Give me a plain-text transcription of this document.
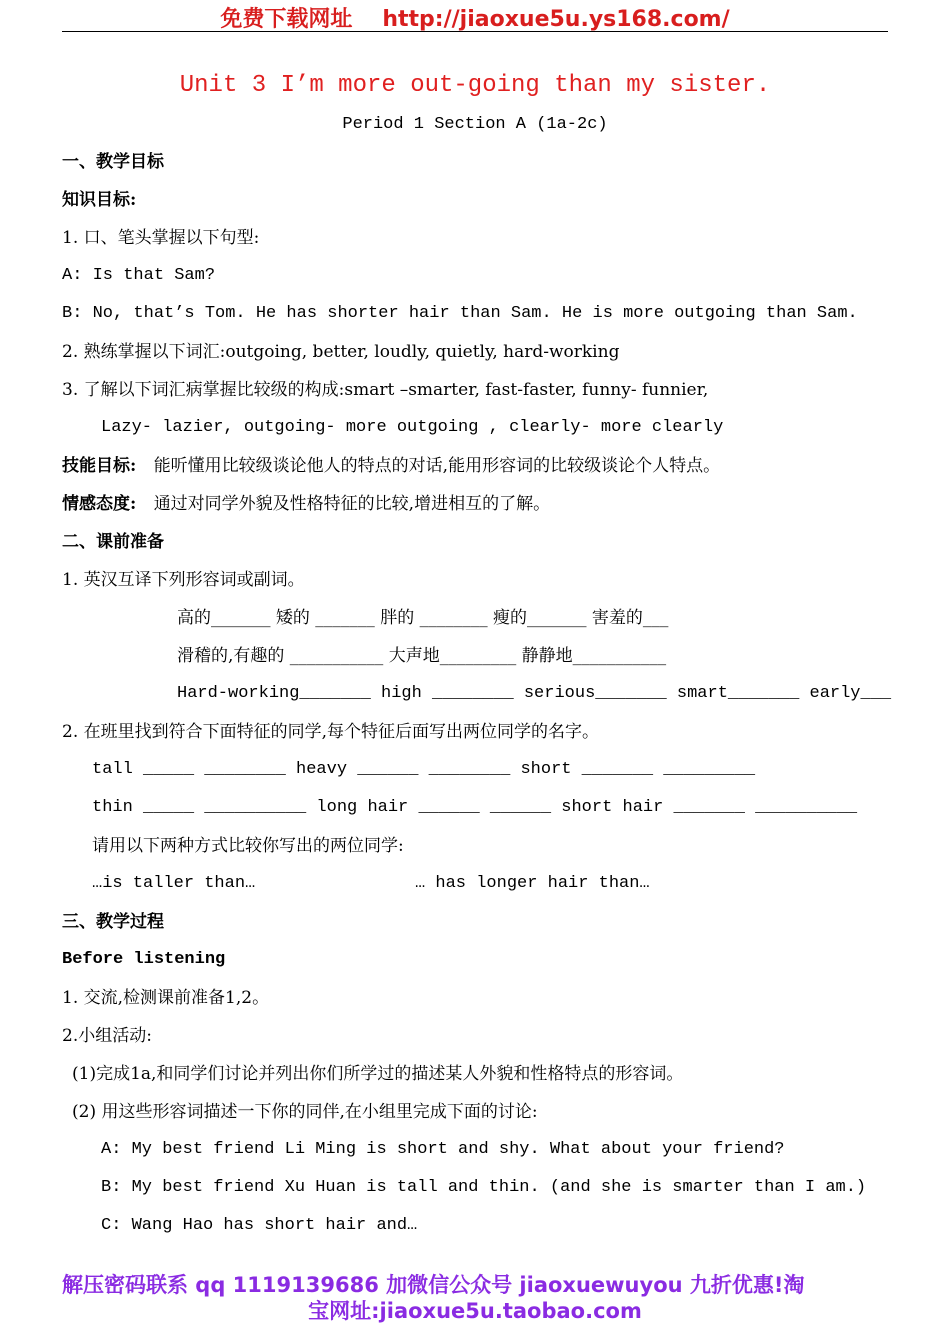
免费下载网址 http://jiaoxue5u.ys168.com/
Unit 3 I’m more out-going than my sister.
Period 1 Section A (1a-2c)
一、教学目标
知识目标:
1. 口、笔头掌握以下句型:
A: Is that Sam?
B: No, that’s Tom. He has shorter hair than Sam. He is more outgoing than Sam.
2. 熟练掌握以下词汇:outgoing, better, loudly, quietly, hard-working
3. 了解以下词汇病掌握比较级的构成:smart –smarter, fast-faster, funny- funnier,
Lazy- lazier, outgoing- more outgoing , clearly- more clearly
技能目标: 能听懂用比较级谈论他人的特点的对话,能用形容词的比较级谈论个人特点。
情感态度: 通过对同学外貌及性格特征的比较,增进相互的了解。
二、课前准备
1. 英汉互译下列形容词或副词。
高的_______ 矮的 _______ 胖的 ________ 瘦的_______ 害羞的___
滑稽的,有趣的 ___________ 大声地_________ 静静地___________
Hard-working_______ high ________ serious_______ smart_______ early___
2. 在班里找到符合下面特征的同学,每个特征后面写出两位同学的名字。
tall _____ ________ heavy ______ ________ short _______ _________
thin _____ __________ long hair ______ ______ short hair _______ __________
请用以下两种方式比较你写出的两位同学:
…is taller than…	… has longer hair than…
三、教学过程
Before listening
1. 交流,检测课前准备1,2。
2.小组活动:
(1)完成1a,和同学们讨论并列出你们所学过的描述某人外貌和性格特点的形容词。
(2) 用这些形容词描述一下你的同伴,在小组里完成下面的讨论:
A: My best friend Li Ming is short and shy. What about your friend?
B: My best friend Xu Huan is tall and thin. (and she is smarter than I am.)
C: Wang Hao has short hair and…
解压密码联系 qq 1119139686 加微信公众号 jiaoxuewuyou 九折优惠!淘
宝网址:jiaoxue5u.taobao.com
